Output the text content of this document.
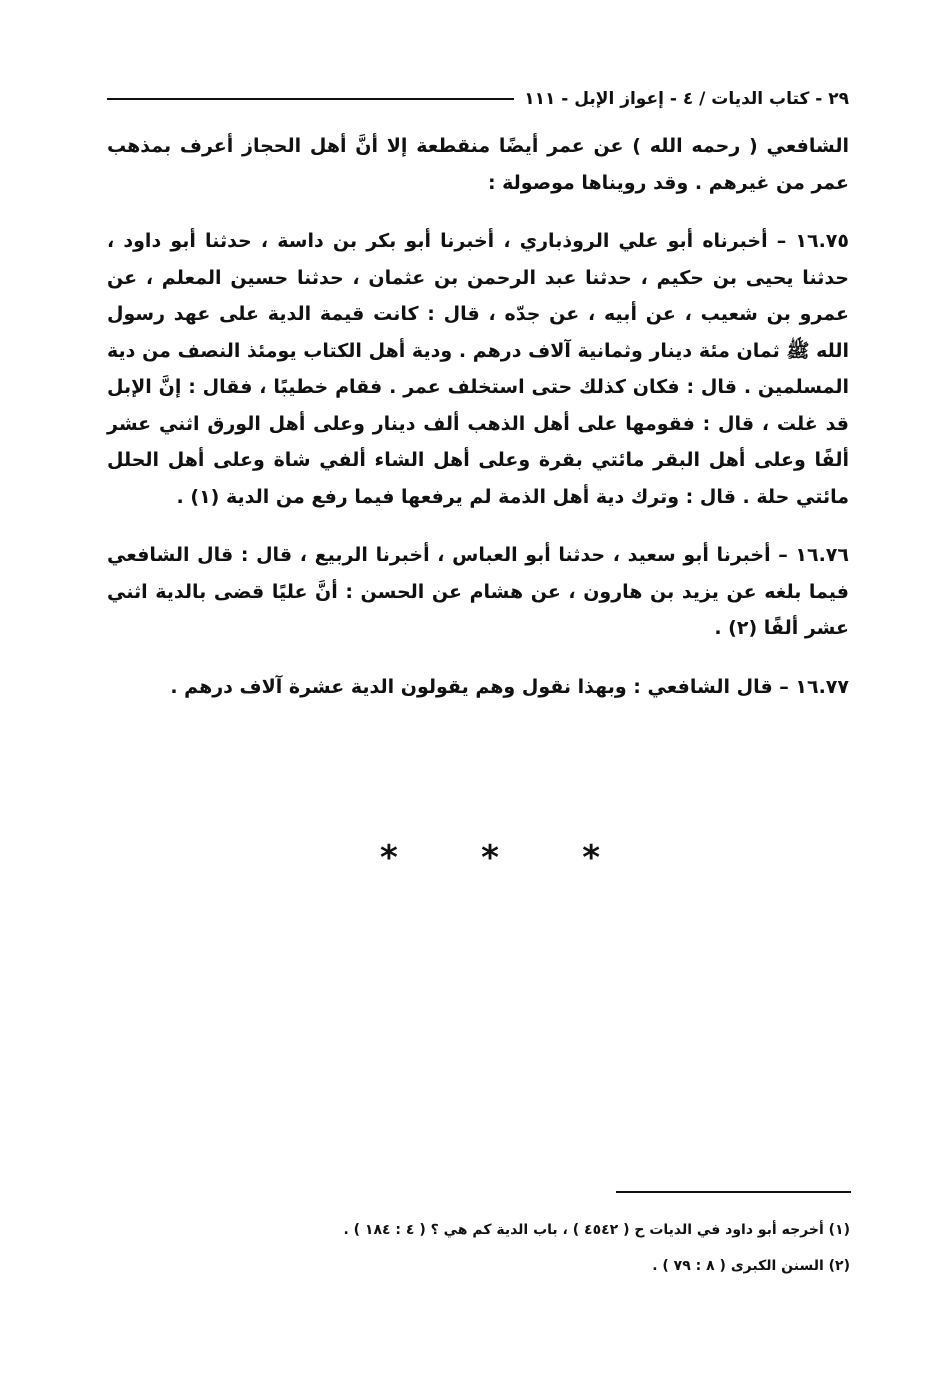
٢٩ - كتاب الديات / ٤ - إعواز الإبل - ١١١

الشافعي ( رحمه الله ) عن عمر أيضًا منقطعة إلا أنَّ أهل الحجاز أعرف بمذهب عمر من غيرهم . وقد رويناها موصولة :

١٦.٧٥ – أخبرناه أبو علي الروذباري ، أخبرنا أبو بكر بن داسة ، حدثنا أبو داود ، حدثنا يحيى بن حكيم ، حدثنا عبد الرحمن بن عثمان ، حدثنا حسين المعلم ، عن عمرو بن شعيب ، عن أبيه ، عن جدّه ، قال : كانت قيمة الدية على عهد رسول الله ﷺ ثمان مئة دينار وثمانية آلاف درهم . ودية أهل الكتاب يومئذ النصف من دية المسلمين . قال : فكان كذلك حتى استخلف عمر . فقام خطيبًا ، فقال : إنَّ الإبل قد غلت ، قال : فقومها على أهل الذهب ألف دينار وعلى أهل الورق اثني عشر ألفًا وعلى أهل البقر مائتي بقرة وعلى أهل الشاء ألفي شاة وعلى أهل الحلل مائتي حلة . قال : وترك دية أهل الذمة لم يرفعها فيما رفع من الدية (١) .

١٦.٧٦ – أخبرنا أبو سعيد ، حدثنا أبو العباس ، أخبرنا الربيع ، قال : قال الشافعي فيما بلغه عن يزيد بن هارون ، عن هشام عن الحسن : أنَّ عليًا قضى بالدية اثني عشر ألفًا (٢) .

١٦.٧٧ – قال الشافعي : وبهذا نقول وهم يقولون الدية عشرة آلاف درهم .

* * *
(١) أخرجه أبو داود في الديات ح ( ٤٥٤٢ ) ، باب الدية كم هي ؟ ( ٤ : ١٨٤ ) .
(٢) السنن الكبرى ( ٨ : ٧٩ ) .
